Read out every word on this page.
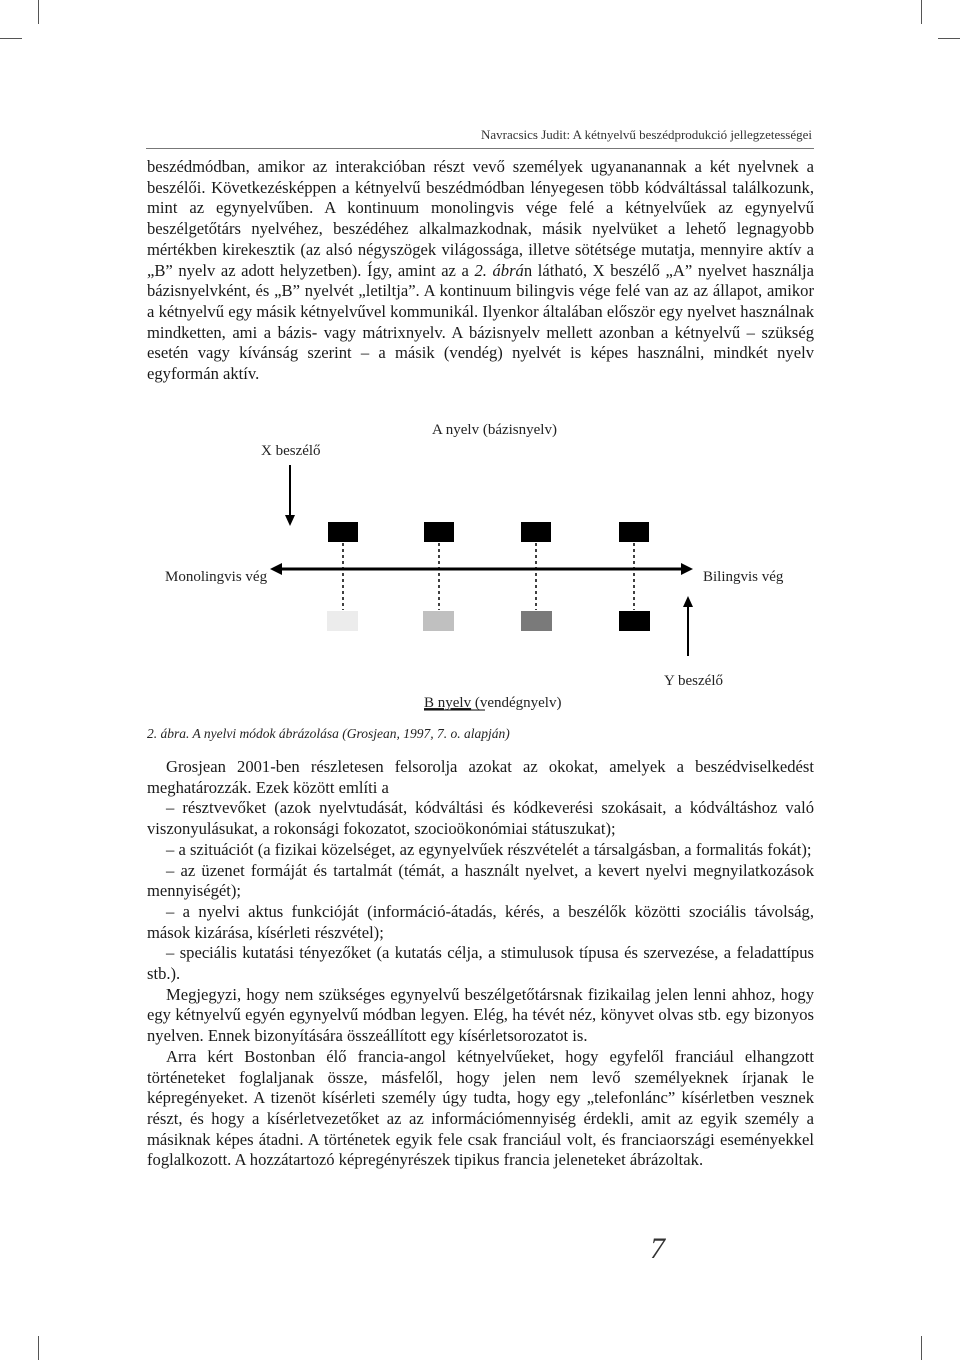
Navracsics Judit: A kétnyelvű beszédprodukció jellegzetességei

beszédmódban, amikor az interakcióban részt vevő személyek ugyananannak a két nyelvnek a beszélői. Következésképpen a kétnyelvű beszédmódban lényegesen több kódváltással találkozunk, mint az egynyelvűben. A kontinuum monolingvis vége felé a kétnyelvűek az egynyelvű beszélgetőtárs nyelvéhez, beszédéhez alkalmazkodnak, másik nyelvüket a lehető legnagyobb mértékben kirekesztik (az alsó négyszögek világossága, illetve sötétsége mutatja, mennyire aktív a „B” nyelv az adott helyzetben). Így, amint az a 2. ábrán látható, X beszélő „A” nyelvet használja bázisnyelvként, és „B” nyelvét „letiltja”. A kontinuum bilingvis vége felé van az az állapot, amikor a kétnyelvű egy másik kétnyelvűvel kommunikál. Ilyenkor általában először egy nyelvet használnak mindketten, ami a bázis- vagy mátrixnyelv. A bázisnyelv mellett azonban a kétnyelvű – szükség esetén vagy kívánság szerint – a másik (vendég) nyelvét is képes használni, mindkét nyelv egyformán aktív.

A nyelv (bázisnyelv)
X beszélő
Monolingvis vég	Bilingvis vég
Y beszélő
B nyelv (vendégnyelv)
2. ábra. A nyelvi módok ábrázolása (Grosjean, 1997, 7. o. alapján)

Grosjean 2001-ben részletesen felsorolja azokat az okokat, amelyek a beszédviselkedést meghatározzák. Ezek között említi a

– résztvevőket (azok nyelvtudását, kódváltási és kódkeverési szokásait, a kódváltáshoz való viszonyulásukat, a rokonsági fokozatot, szocioökonómiai státuszukat);

– a szituációt (a fizikai közelséget, az egynyelvűek részvételét a társalgásban, a formalitás fokát);

– az üzenet formáját és tartalmát (témát, a használt nyelvet, a kevert nyelvi megnyilatkozások mennyiségét);

– a nyelvi aktus funkcióját (információ-átadás, kérés, a beszélők közötti szociális távolság, mások kizárása, kísérleti részvétel);

– speciális kutatási tényezőket (a kutatás célja, a stimulusok típusa és szervezése, a feladattípus stb.).

Megjegyzi, hogy nem szükséges egynyelvű beszélgetőtársnak fizikailag jelen lenni ahhoz, hogy egy kétnyelvű egyén egynyelvű módban legyen. Elég, ha tévét néz, könyvet olvas stb. egy bizonyos nyelven. Ennek bizonyítására összeállított egy kísérletsorozatot is.

Arra kért Bostonban élő francia-angol kétnyelvűeket, hogy egyfelől franciául elhangzott történeteket foglaljanak össze, másfelől, hogy jelen nem levő személyeknek írjanak le képregényeket. A tizenöt kísérleti személy úgy tudta, hogy egy „telefonlánc” kísérletben vesznek részt, és hogy a kísérletvezetőket az az információmennyiség érdekli, amit az egyik személy a másiknak képes átadni. A történetek egyik fele csak franciául volt, és franciaországi eseményekkel foglalkozott. A hozzátartozó képregényrészek tipikus francia jeleneteket ábrázoltak.

7
